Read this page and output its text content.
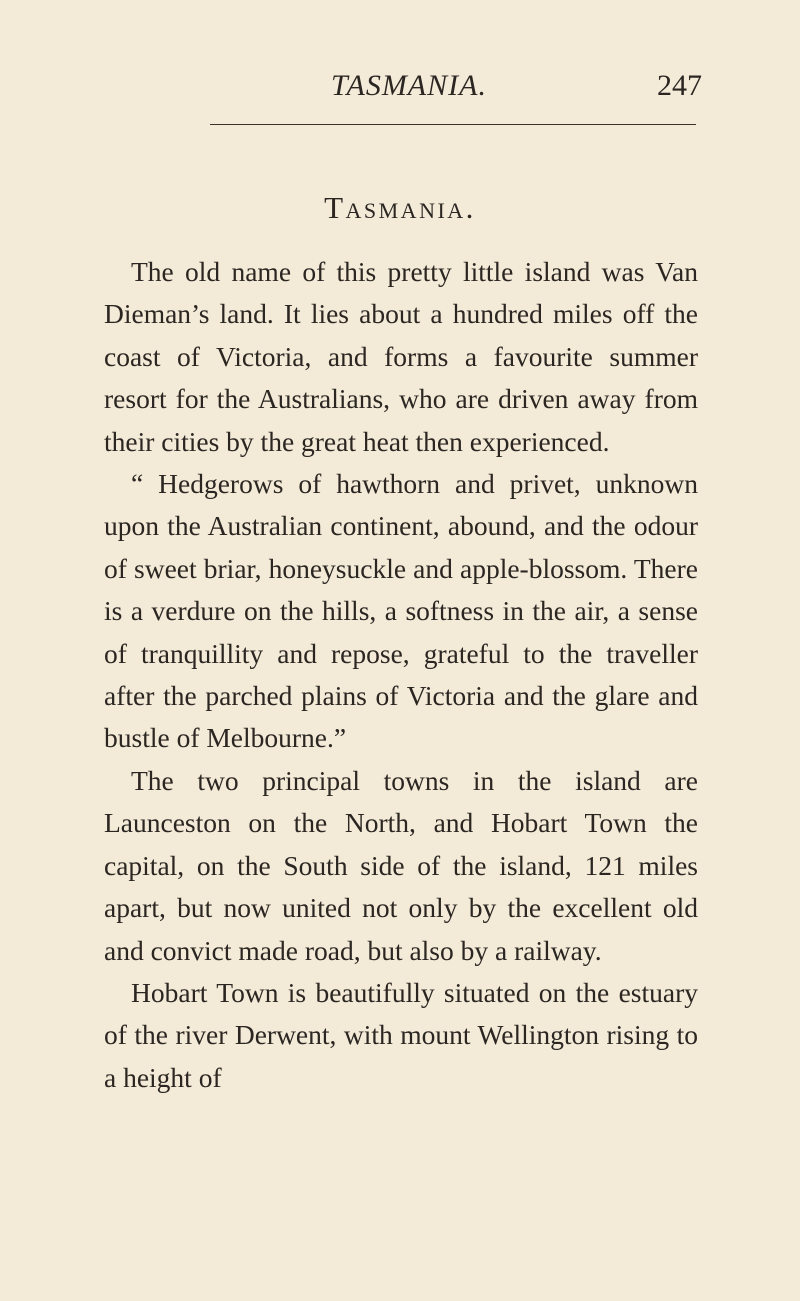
TASMANIA.	247
Tasmania.

The old name of this pretty little island was Van Dieman’s land. It lies about a hundred miles off the coast of Victoria, and forms a favourite summer resort for the Australians, who are driven away from their cities by the great heat then experienced.

“ Hedgerows of hawthorn and privet, unknown upon the Australian continent, abound, and the odour of sweet briar, honeysuckle and apple-blossom. There is a verdure on the hills, a softness in the air, a sense of tranquillity and repose, grateful to the traveller after the parched plains of Victoria and the glare and bustle of Melbourne.”

The two principal towns in the island are Launceston on the North, and Hobart Town the capital, on the South side of the island, 121 miles apart, but now united not only by the excellent old and convict made road, but also by a railway.

Hobart Town is beautifully situated on the estuary of the river Derwent, with mount Wellington rising to a height of
